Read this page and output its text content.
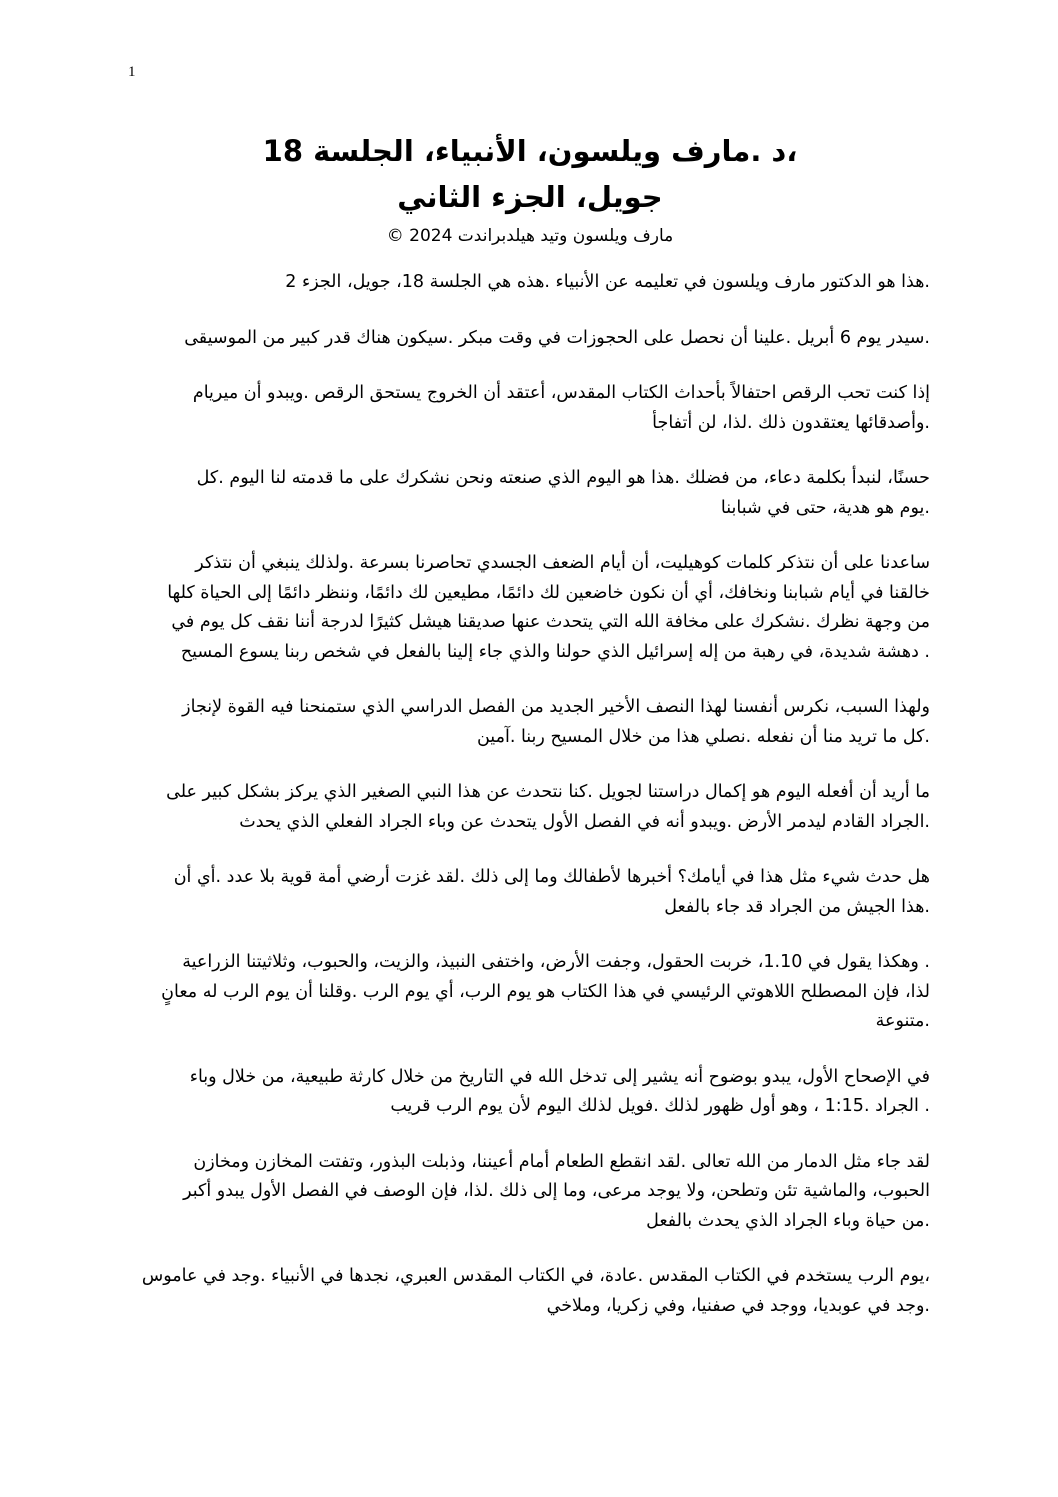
1
،د .مارف ويلسون، الأنبياء، الجلسة 18
جويل، الجزء الثاني
مارف ويلسون وتيد هيلدبراندت 2024 ©
.هذا هو الدكتور مارف ويلسون في تعليمه عن الأنبياء .هذه هي الجلسة 18، جويل، الجزء 2
.سيدر يوم 6 أبريل .علينا أن نحصل على الحجوزات في وقت مبكر .سيكون هناك قدر كبير من الموسيقى
إذا كنت تحب الرقص احتفالاً بأحداث الكتاب المقدس، أعتقد أن الخروج يستحق الرقص .ويبدو أن ميريام
.وأصدقائها يعتقدون ذلك .لذا، لن أتفاجأ
حسنًا، لنبدأ بكلمة دعاء، من فضلك .هذا هو اليوم الذي صنعته ونحن نشكرك على ما قدمته لنا اليوم .كل
.يوم هو هدية، حتى في شبابنا
ساعدنا على أن نتذكر كلمات كوهيليت، أن أيام الضعف الجسدي تحاصرنا بسرعة .ولذلك ينبغي أن نتذكر
خالقنا في أيام شبابنا ونخافك، أي أن نكون خاضعين لك دائمًا، مطيعين لك دائمًا، وننظر دائمًا إلى الحياة كلها
من وجهة نظرك .نشكرك على مخافة الله التي يتحدث عنها صديقنا هيشل كثيرًا لدرجة أننا نقف كل يوم في
. دهشة شديدة، في رهبة من إله إسرائيل الذي حولنا والذي جاء إلينا بالفعل في شخص ربنا يسوع المسيح
ولهذا السبب، نكرس أنفسنا لهذا النصف الأخير الجديد من الفصل الدراسي الذي ستمنحنا فيه القوة لإنجاز
.كل ما تريد منا أن نفعله .نصلي هذا من خلال المسيح ربنا .آمين
ما أريد أن أفعله اليوم هو إكمال دراستنا لجويل .كنا نتحدث عن هذا النبي الصغير الذي يركز بشكل كبير على
.الجراد القادم ليدمر الأرض .ويبدو أنه في الفصل الأول يتحدث عن وباء الجراد الفعلي الذي يحدث
هل حدث شيء مثل هذا في أيامك؟ أخبرها لأطفالك وما إلى ذلك .لقد غزت أرضي أمة قوية بلا عدد .أي أن
.هذا الجيش من الجراد قد جاء بالفعل
. وهكذا يقول في 1.10، خربت الحقول، وجفت الأرض، واختفى النبيذ، والزيت، والحبوب، وثلاثيتنا الزراعية
لذا، فإن المصطلح اللاهوتي الرئيسي في هذا الكتاب هو يوم الرب، أي يوم الرب .وقلنا أن يوم الرب له معانٍ
.متنوعة
في الإصحاح الأول، يبدو بوضوح أنه يشير إلى تدخل الله في التاريخ من خلال كارثة طبيعية، من خلال وباء
. الجراد .1:15 ، وهو أول ظهور لذلك .فويل لذلك اليوم لأن يوم الرب قريب
لقد جاء مثل الدمار من الله تعالى .لقد انقطع الطعام أمام أعيننا، وذبلت البذور، وتفتت المخازن ومخازن
الحبوب، والماشية تئن وتطحن، ولا يوجد مرعى، وما إلى ذلك .لذا، فإن الوصف في الفصل الأول يبدو أكبر
.من حياة وباء الجراد الذي يحدث بالفعل
،يوم الرب يستخدم في الكتاب المقدس .عادة، في الكتاب المقدس العبري، نجدها في الأنبياء .وجد في عاموس
.وجد في عوبديا، ووجد في صفنيا، وفي زكريا، وملاخي
